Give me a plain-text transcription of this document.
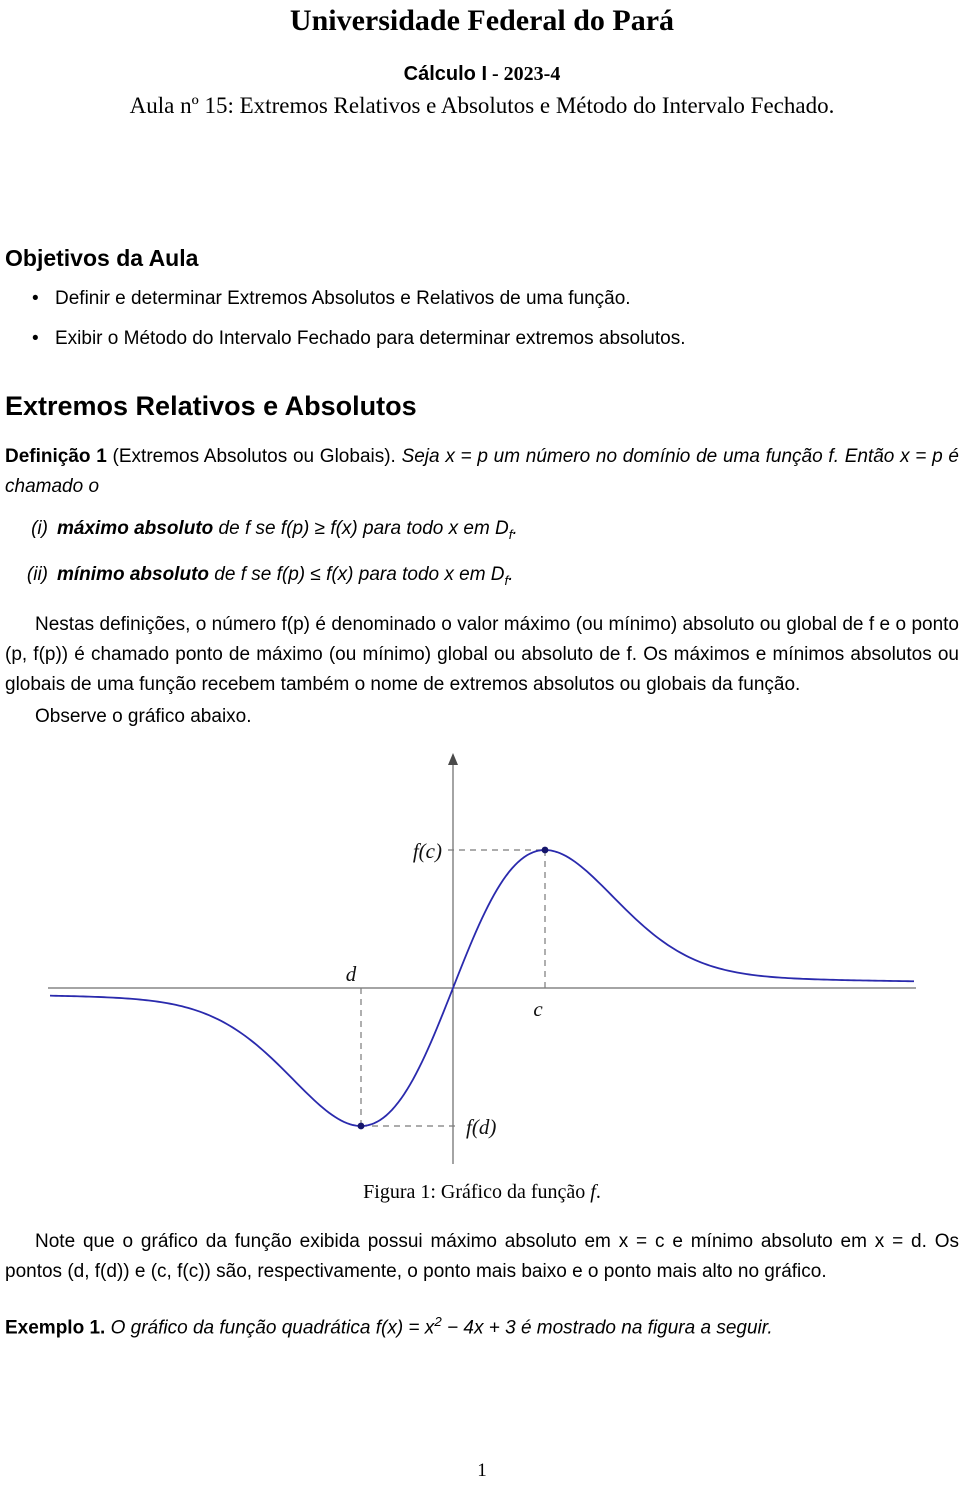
Universidade Federal do Pará
Cálculo I - 2023-4
Aula nº 15: Extremos Relativos e Absolutos e Método do Intervalo Fechado.
Objetivos da Aula
• Definir e determinar Extremos Absolutos e Relativos de uma função.
• Exibir o Método do Intervalo Fechado para determinar extremos absolutos.
Extremos Relativos e Absolutos

Definição 1 (Extremos Absolutos ou Globais). Seja x = p um número no domínio de uma função f. Então x = p é chamado o

(i) máximo absoluto de f se f(p) ≥ f(x) para todo x em $D_f$.
(ii) mínimo absoluto de f se f(p) ≤ f(x) para todo x em $D_f$.

Nestas definições, o número f(p) é denominado o valor máximo (ou mínimo) absoluto ou global de f e o ponto (p, f(p)) é chamado ponto de máximo (ou mínimo) global ou absoluto de f. Os máximos e mínimos absolutos ou globais de uma função recebem também o nome de extremos absolutos ou globais da função.

Observe o gráfico abaixo.

f(c)
d
c
f(d)
Figura 1: Gráfico da função f.

Note que o gráfico da função exibida possui máximo absoluto em x = c e mínimo absoluto em x = d. Os pontos (d, f(d)) e (c, f(c)) são, respectivamente, o ponto mais baixo e o ponto mais alto no gráfico.

Exemplo 1. O gráfico da função quadrática $f(x) = x^2 - 4x + 3$ é mostrado na figura a seguir.

1
